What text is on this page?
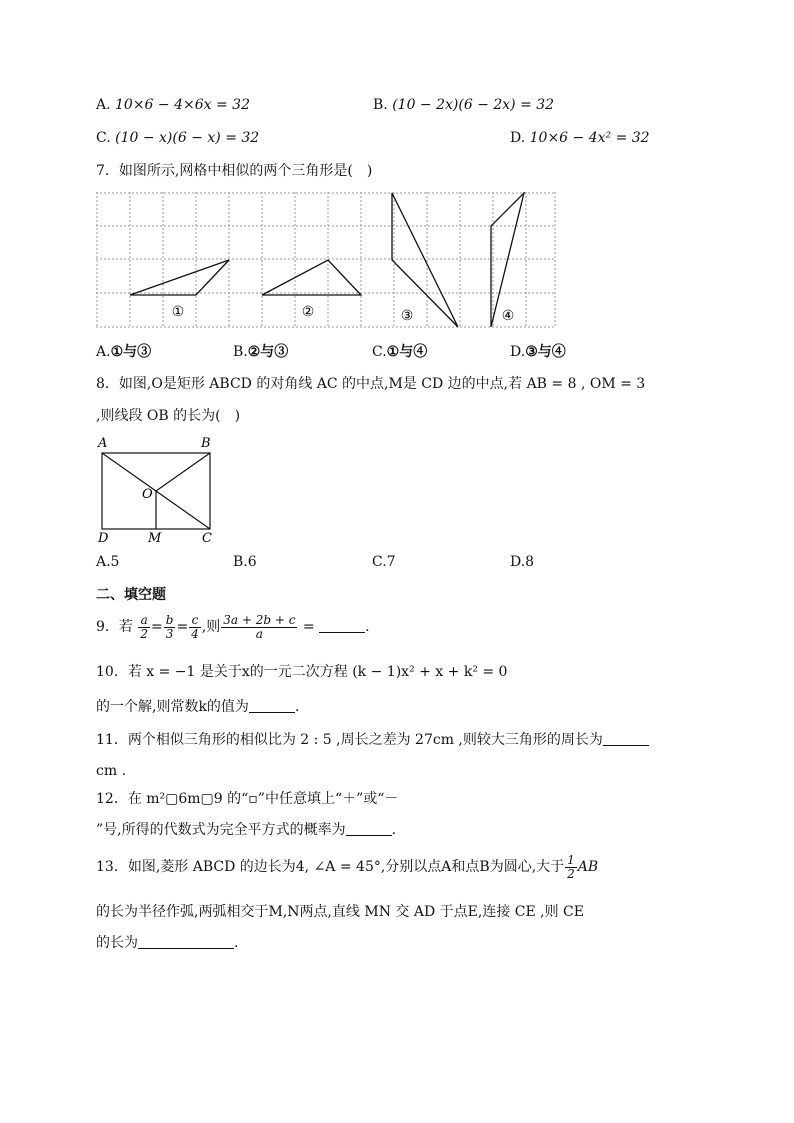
A. 10×6 − 4×6x = 32	B. (10 − 2x)(6 − 2x) = 32
C. (10 − x)(6 − x) = 32	D. 10×6 − 4x² = 32
7．如图所示,网格中相似的两个三角形是(　)
①	②	③	④
A.①与③	B.②与③	C.①与④	D.③与④
8．如图,O是矩形 ABCD 的对角线 AC 的中点,M是 CD 边的中点,若 AB = 8 , OM = 3
,则线段 OB 的长为(　)
A	B
O
D	M	C
A.5	B.6	C.7	D.8
二、填空题
9．若 $\frac{a}{2} = \frac{b}{3} = \frac{c}{4}$ ,则 $\frac{3a + 2b + c}{a}$ =	.
10．若 x = −1 是关于x的一元二次方程 (k − 1)x² + x + k² = 0
的一个解,则常数k的值为	.
11．两个相似三角形的相似比为 2 : 5 ,周长之差为 27cm ,则较大三角形的周长为
cm .
12．在 m²▢6m▢9 的“▫”中任意填上“＋”或“－
”号,所得的代数式为完全平方式的概率为	.
13．如图,菱形 ABCD 的边长为4, ∠A = 45°,分别以点A和点B为圆心,大于 $\frac{1}{2}$ AB
的长为半径作弧,两弧相交于M,N两点,直线 MN 交 AD 于点E,连接 CE ,则 CE
的长为	.
